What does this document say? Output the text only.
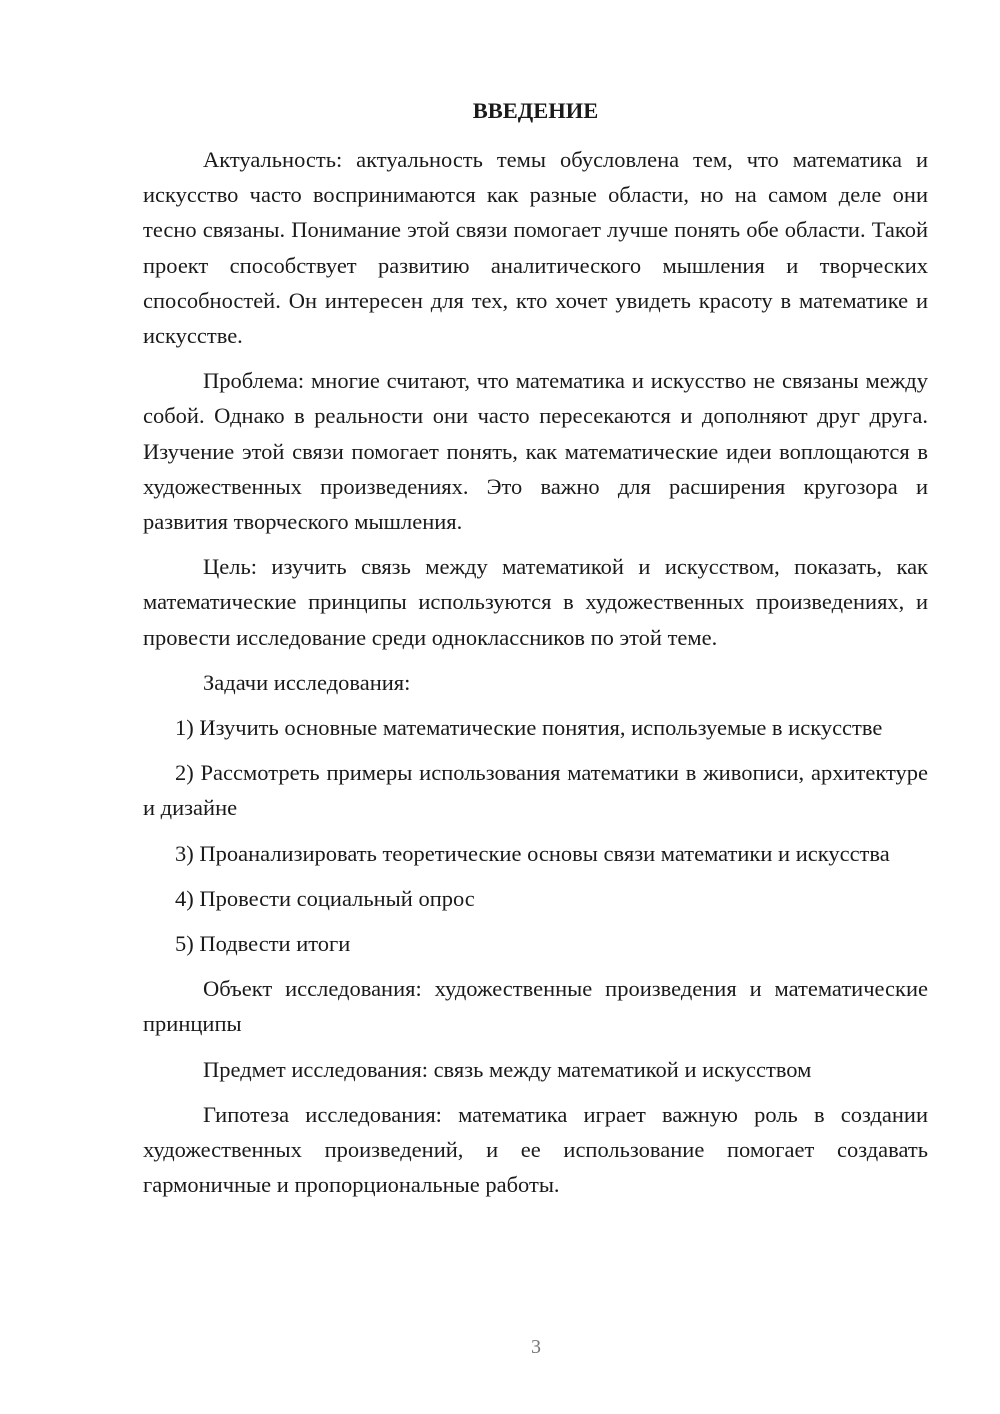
ВВЕДЕНИЕ

Актуальность: актуальность темы обусловлена тем, что математика и искусство часто воспринимаются как разные области, но на самом деле они тесно связаны. Понимание этой связи помогает лучше понять обе области. Такой проект способствует развитию аналитического мышления и творческих способностей. Он интересен для тех, кто хочет увидеть красоту в математике и искусстве.

Проблема: многие считают, что математика и искусство не связаны между собой. Однако в реальности они часто пересекаются и дополняют друг друга. Изучение этой связи помогает понять, как математические идеи воплощаются в художественных произведениях. Это важно для расширения кругозора и развития творческого мышления.

Цель: изучить связь между математикой и искусством, показать, как математические принципы используются в художественных произведениях, и провести исследование среди одноклассников по этой теме.

Задачи исследования:

1) Изучить основные математические понятия, используемые в искусстве

2) Рассмотреть примеры использования математики в живописи, архитектуре и дизайне

3) Проанализировать теоретические основы связи математики и искусства

4) Провести социальный опрос

5) Подвести итоги

Объект исследования: художественные произведения и математические принципы

Предмет исследования: связь между математикой и искусством

Гипотеза исследования: математика играет важную роль в создании художественных произведений, и ее использование помогает создавать гармоничные и пропорциональные работы.

3
